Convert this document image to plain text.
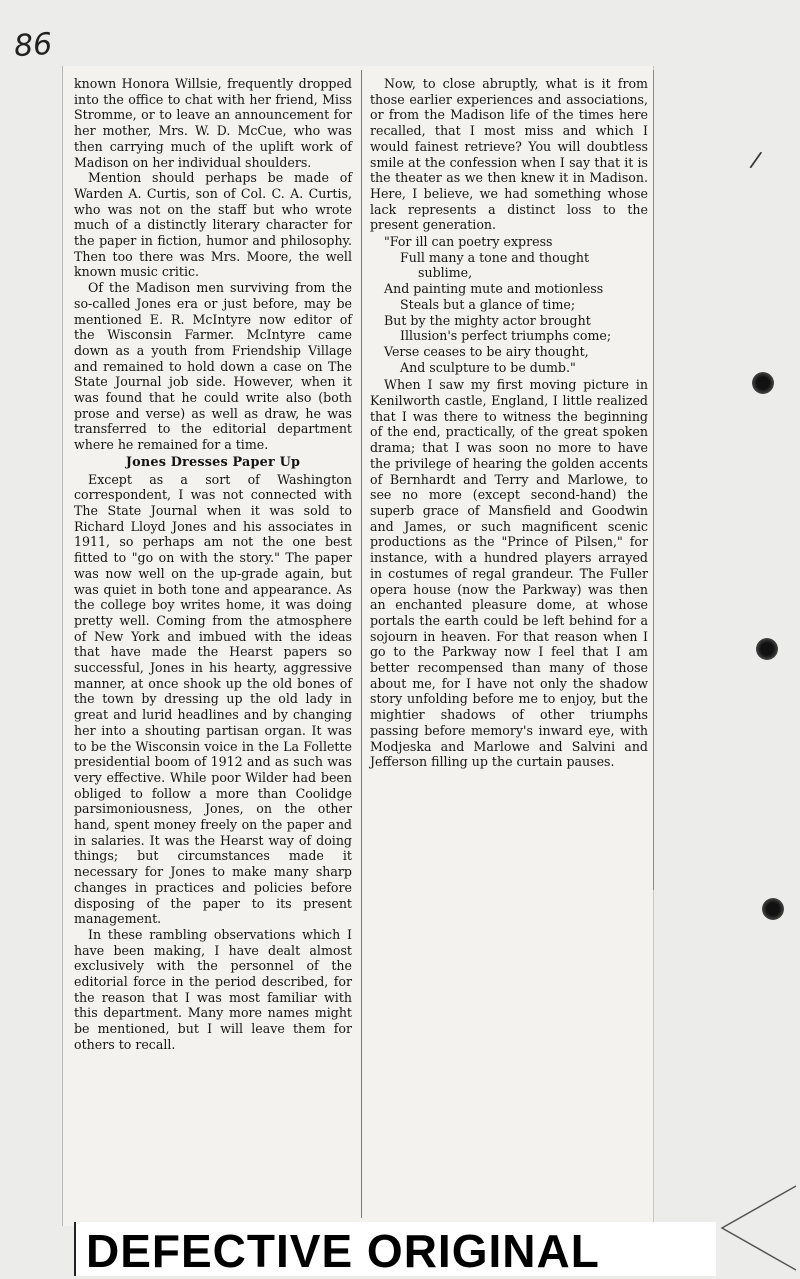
86

known Honora Willsie, frequently dropped into the office to chat with her friend, Miss Stromme, or to leave an announcement for her mother, Mrs. W. D. McCue, who was then carrying much of the uplift work of Madison on her individual shoulders.

Mention should perhaps be made of Warden A. Curtis, son of Col. C. A. Curtis, who was not on the staff but who wrote much of a distinctly literary character for the paper in fiction, humor and philosophy. Then too there was Mrs. Moore, the well known music critic.

Of the Madison men surviving from the so-called Jones era or just before, may be mentioned E. R. McIntyre now editor of the Wisconsin Farmer. McIntyre came down as a youth from Friendship Village and remained to hold down a case on The State Journal job side. However, when it was found that he could write also (both prose and verse) as well as draw, he was transferred to the editorial department where he remained for a time.

Jones Dresses Paper Up

Except as a sort of Washington correspondent, I was not connected with The State Journal when it was sold to Richard Lloyd Jones and his associates in 1911, so perhaps am not the one best fitted to "go on with the story." The paper was now well on the up-grade again, but was quiet in both tone and appearance. As the college boy writes home, it was doing pretty well. Coming from the atmosphere of New York and imbued with the ideas that have made the Hearst papers so successful, Jones in his hearty, aggressive manner, at once shook up the old bones of the town by dressing up the old lady in great and lurid headlines and by changing her into a shouting partisan organ. It was to be the Wisconsin voice in the La Follette presidential boom of 1912 and as such was very effective. While poor Wilder had been obliged to follow a more than Coolidge parsimoniousness, Jones, on the other hand, spent money freely on the paper and in salaries. It was the Hearst way of doing things; but circumstances made it necessary for Jones to make many sharp changes in practices and policies before disposing of the paper to its present management.

In these rambling observations which I have been making, I have dealt almost exclusively with the personnel of the editorial force in the period described, for the reason that I was most familiar with this department. Many more names might be mentioned, but I will leave them for others to recall.

Now, to close abruptly, what is it from those earlier experiences and associations, or from the Madison life of the times here recalled, that I most miss and which I would fainest retrieve? You will doubtless smile at the confession when I say that it is the theater as we then knew it in Madison. Here, I believe, we had something whose lack represents a distinct loss to the present generation.

"For ill can poetry express
Full many a tone and thought
sublime,
And painting mute and motionless
Steals but a glance of time;
But by the mighty actor brought
Illusion's perfect triumphs come;
Verse ceases to be airy thought,
And sculpture to be dumb."

When I saw my first moving picture in Kenilworth castle, England, I little realized that I was there to witness the beginning of the end, practically, of the great spoken drama; that I was soon no more to have the privilege of hearing the golden accents of Bernhardt and Terry and Marlowe, to see no more (except second-hand) the superb grace of Mansfield and Goodwin and James, or such magnificent scenic productions as the "Prince of Pilsen," for instance, with a hundred players arrayed in costumes of regal grandeur. The Fuller opera house (now the Parkway) was then an enchanted pleasure dome, at whose portals the earth could be left behind for a sojourn in heaven. For that reason when I go to the Parkway now I feel that I am better recompensed than many of those about me, for I have not only the shadow story unfolding before me to enjoy, but the mightier shadows of other triumphs passing before memory's inward eye, with Modjeska and Marlowe and Salvini and Jefferson filling up the curtain pauses.

/
DEFECTIVE ORIGINAL
